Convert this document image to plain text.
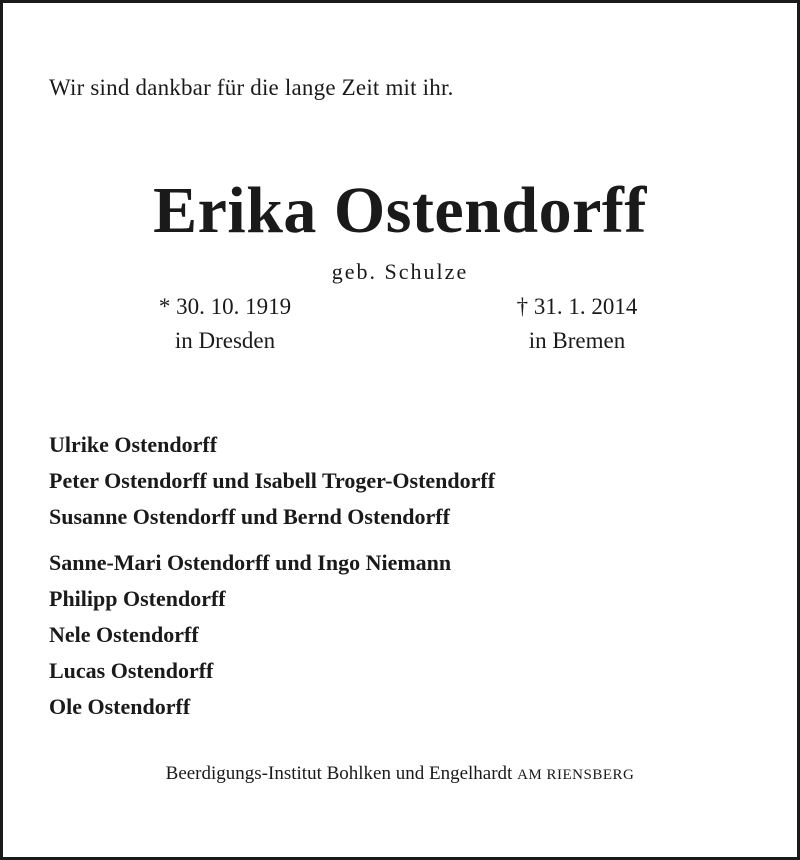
Wir sind dankbar für die lange Zeit mit ihr.
Erika Ostendorff
geb. Schulze
* 30. 10. 1919
in Dresden
† 31. 1. 2014
in Bremen
Ulrike Ostendorff
Peter Ostendorff und Isabell Troger-Ostendorff
Susanne Ostendorff und Bernd Ostendorff
Sanne-Mari Ostendorff und Ingo Niemann
Philipp Ostendorff
Nele Ostendorff
Lucas Ostendorff
Ole Ostendorff
Beerdigungs-Institut Bohlken und Engelhardt AM RIENSBERG
